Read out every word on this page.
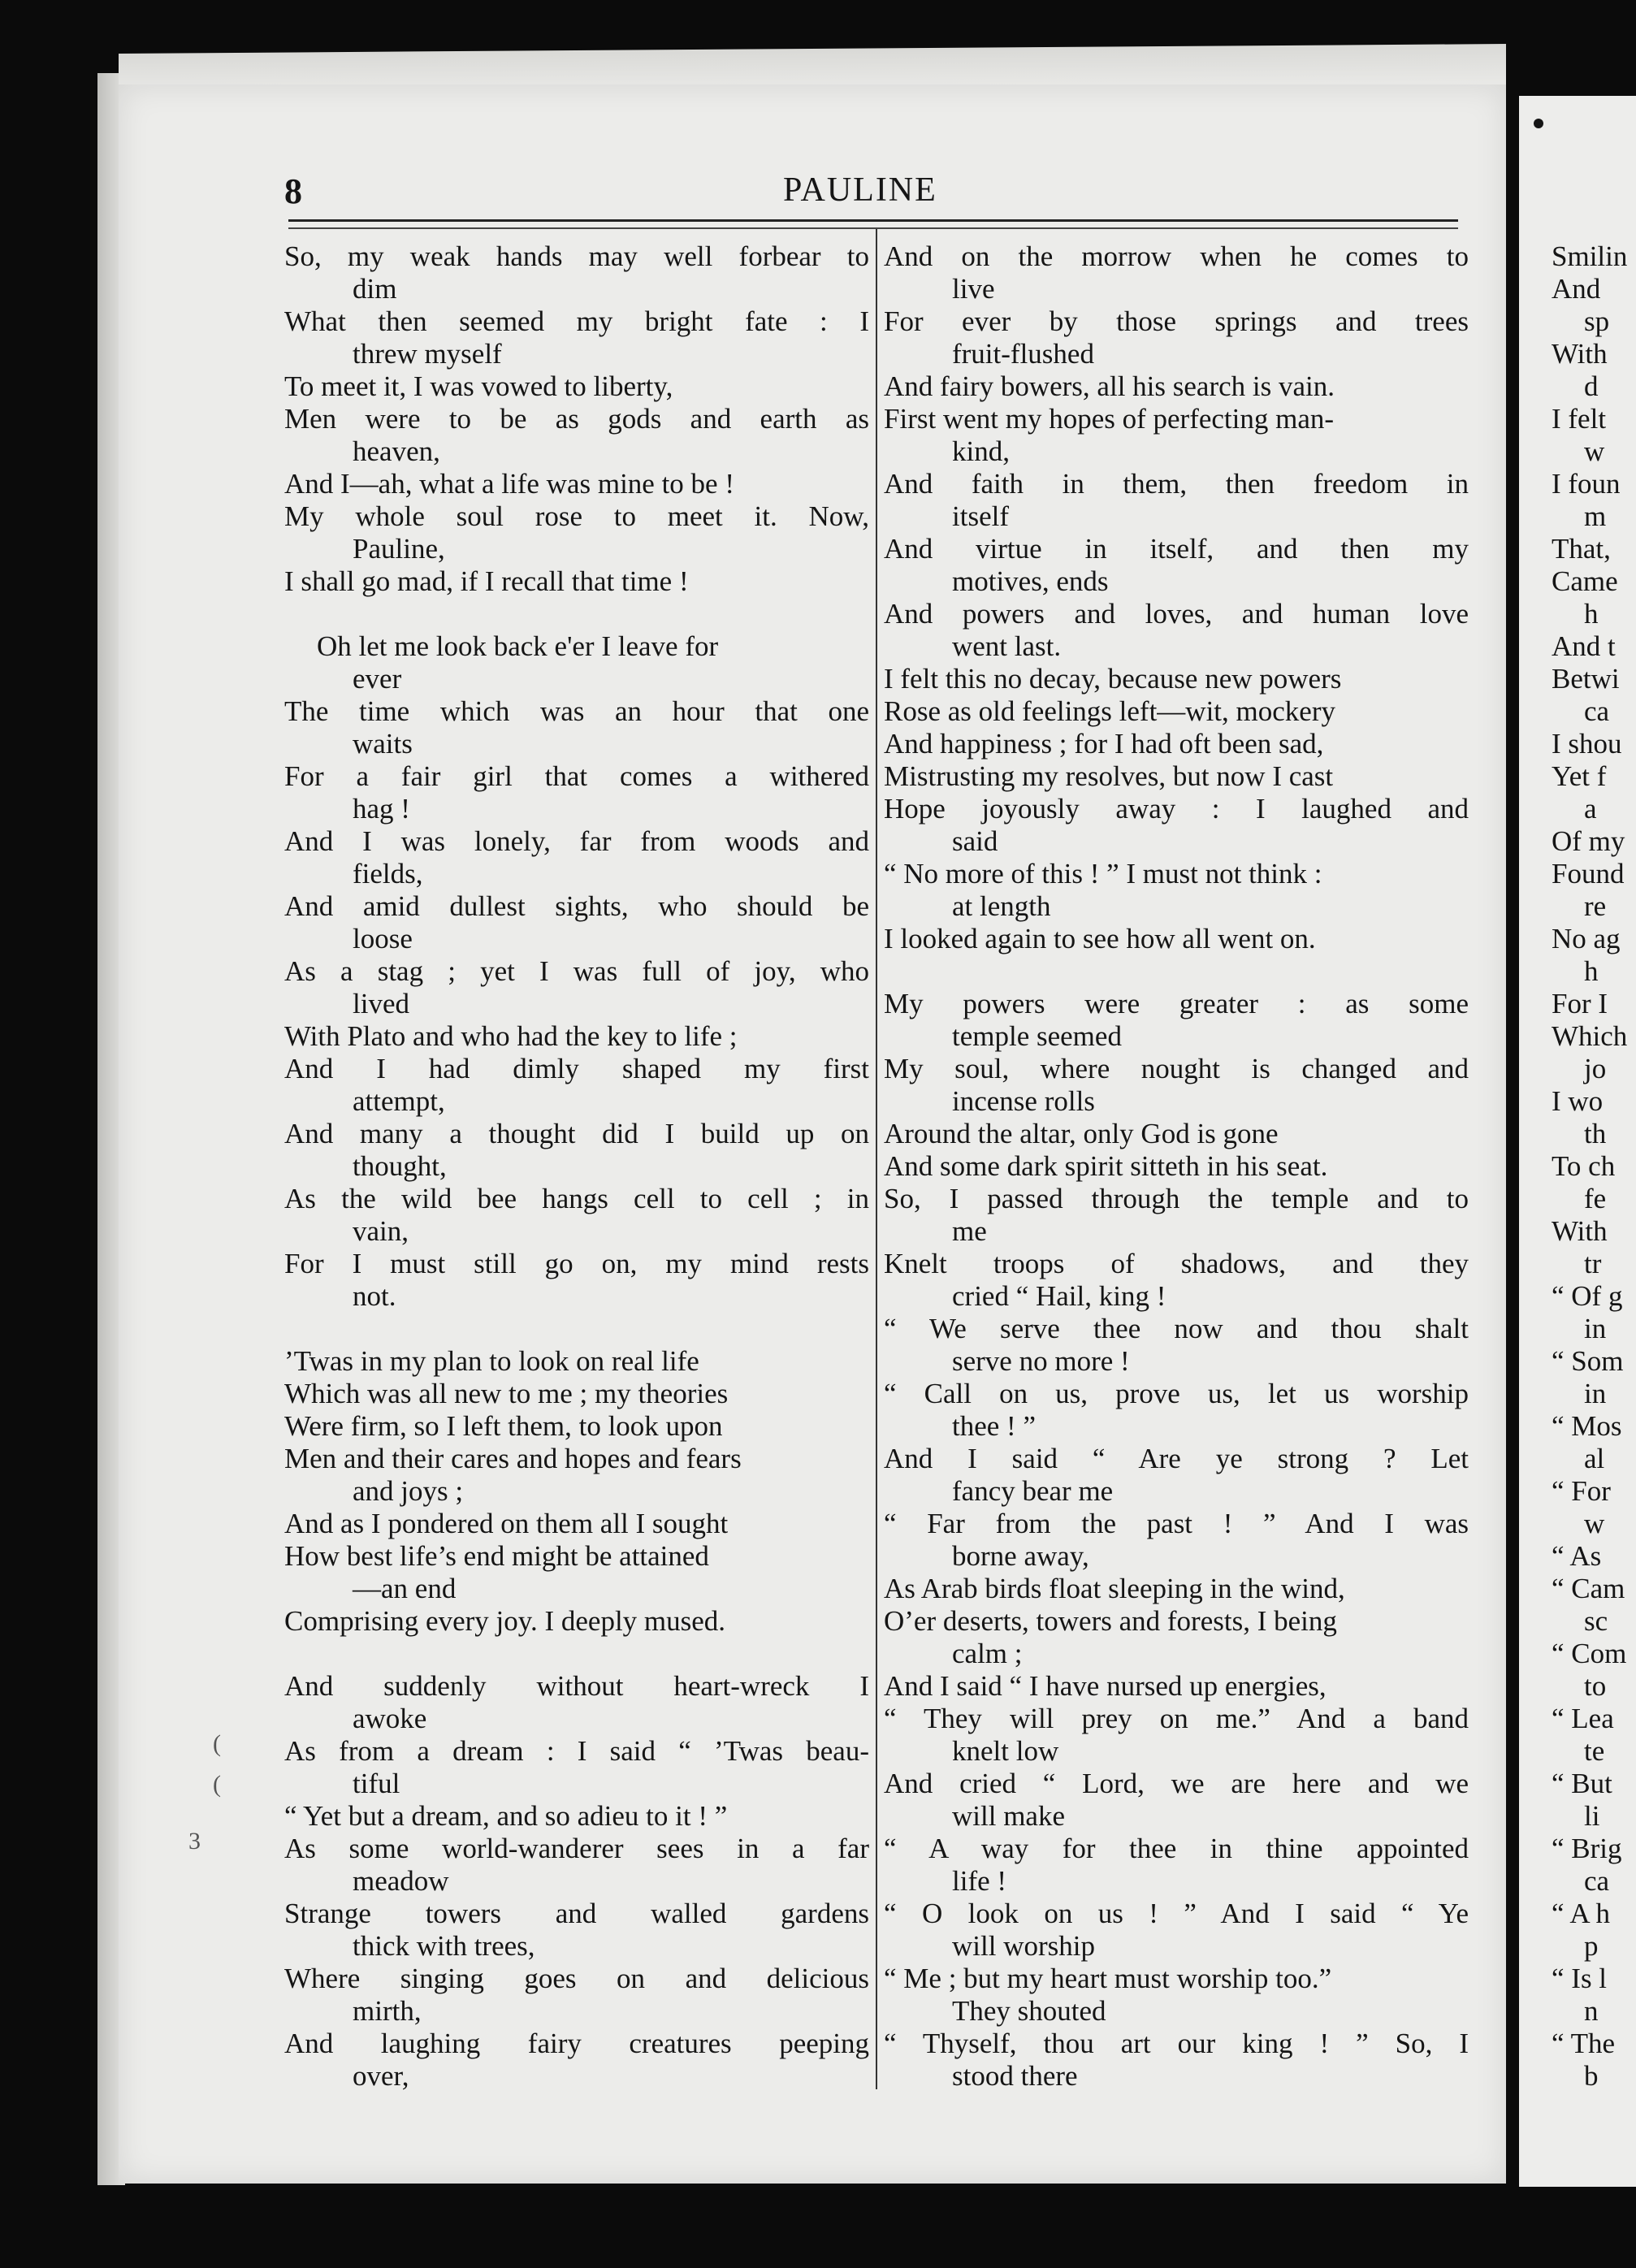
Smilin
And
sp
With
d
I felt
w
I foun
m
That,
Came
h
And t
Betwi
ca
I shou
Yet f
a
Of my
Found
re
No ag
h
For I
Which
jo
I wo
th
To ch
fe
With
tr
“ Of g
in
“ Som
in
“ Mos
al
“ For
w
“ As
“ Cam
sc
“ Com
to
“ Lea
te
“ But
li
“ Brig
ca
“ A h
p
“ Is l
n
“ The
b
3
(
(
8	PAULINE
So, my weak hands may well forbear to
dim
What then seemed my bright fate : I
threw myself
To meet it, I was vowed to liberty,
Men were to be as gods and earth as
heaven,
And I—ah, what a life was mine to be !
My whole soul rose to meet it. Now,
Pauline,
I shall go mad, if I recall that time !
Oh let me look back e'er I leave for
ever
The time which was an hour that one
waits
For a fair girl that comes a withered
hag !
And I was lonely, far from woods and
fields,
And amid dullest sights, who should be
loose
As a stag ; yet I was full of joy, who
lived
With Plato and who had the key to life ;
And I had dimly shaped my first
attempt,
And many a thought did I build up on
thought,
As the wild bee hangs cell to cell ; in
vain,
For I must still go on, my mind rests
not.
’Twas in my plan to look on real life
Which was all new to me ; my theories
Were firm, so I left them, to look upon
Men and their cares and hopes and fears
and joys ;
And as I pondered on them all I sought
How best life’s end might be attained
—an end
Comprising every joy. I deeply mused.
And suddenly without heart-wreck I
awoke
As from a dream : I said “ ’Twas beau-
tiful
“ Yet but a dream, and so adieu to it ! ”
As some world-wanderer sees in a far
meadow
Strange towers and walled gardens
thick with trees,
Where singing goes on and delicious
mirth,
And laughing fairy creatures peeping
over,
And on the morrow when he comes to
live
For ever by those springs and trees
fruit-flushed
And fairy bowers, all his search is vain.
First went my hopes of perfecting man-
kind,
And faith in them, then freedom in
itself
And virtue in itself, and then my
motives, ends
And powers and loves, and human love
went last.
I felt this no decay, because new powers
Rose as old feelings left—wit, mockery
And happiness ; for I had oft been sad,
Mistrusting my resolves, but now I cast
Hope joyously away : I laughed and
said
“ No more of this ! ” I must not think :
at length
I looked again to see how all went on.
My powers were greater : as some
temple seemed
My soul, where nought is changed and
incense rolls
Around the altar, only God is gone
And some dark spirit sitteth in his seat.
So, I passed through the temple and to
me
Knelt troops of shadows, and they
cried “ Hail, king !
“ We serve thee now and thou shalt
serve no more !
“ Call on us, prove us, let us worship
thee ! ”
And I said “ Are ye strong ? Let
fancy bear me
“ Far from the past ! ” And I was
borne away,
As Arab birds float sleeping in the wind,
O’er deserts, towers and forests, I being
calm ;
And I said “ I have nursed up energies,
“ They will prey on me.” And a band
knelt low
And cried “ Lord, we are here and we
will make
“ A way for thee in thine appointed
life !
“ O look on us ! ” And I said “ Ye
will worship
“ Me ; but my heart must worship too.”
They shouted
“ Thyself, thou art our king ! ” So, I
stood there
